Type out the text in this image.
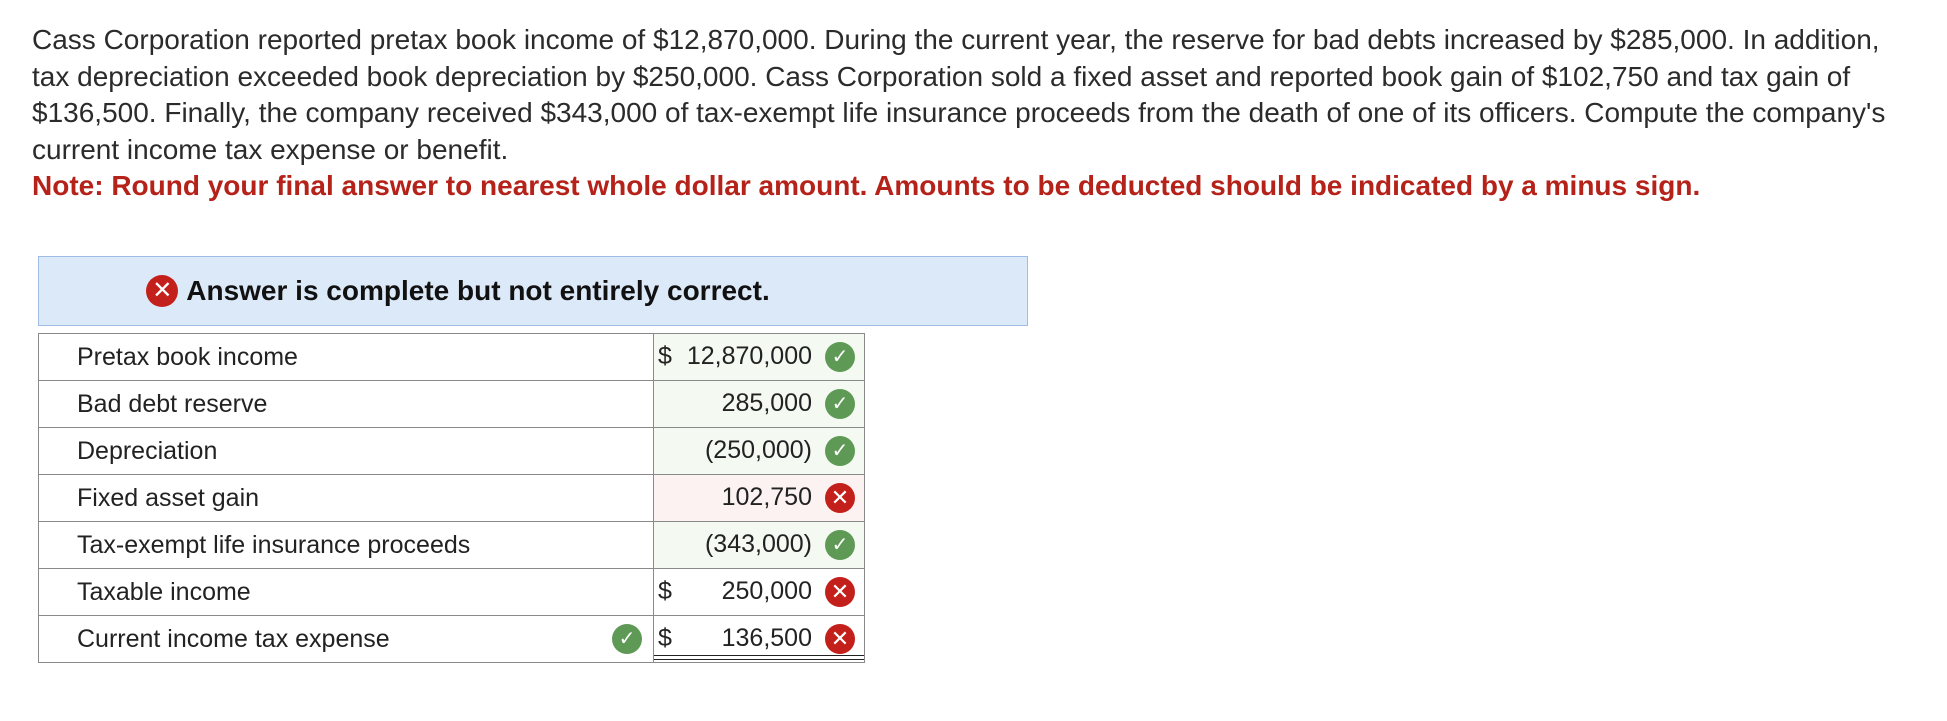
Cass Corporation reported pretax book income of $12,870,000. During the current year, the reserve for bad debts increased by $285,000. In addition, tax depreciation exceeded book depreciation by $250,000. Cass Corporation sold a fixed asset and reported book gain of $102,750 and tax gain of $136,500. Finally, the company received $343,000 of tax-exempt life insurance proceeds from the death of one of its officers. Compute the company's current income tax expense or benefit.

Note: Round your final answer to nearest whole dollar amount. Amounts to be deducted should be indicated by a minus sign.

✕ Answer is complete but not entirely correct.
Pretax book income	$ 12,870,000 ✓

Bad debt reserve	285,000 ✓

Depreciation	(250,000) ✓

Fixed asset gain	102,750 ✕

Tax-exempt life insurance proceeds	(343,000) ✓

Taxable income	$ 250,000 ✕

Current income tax expense	✓ $ 136,500 ✕
